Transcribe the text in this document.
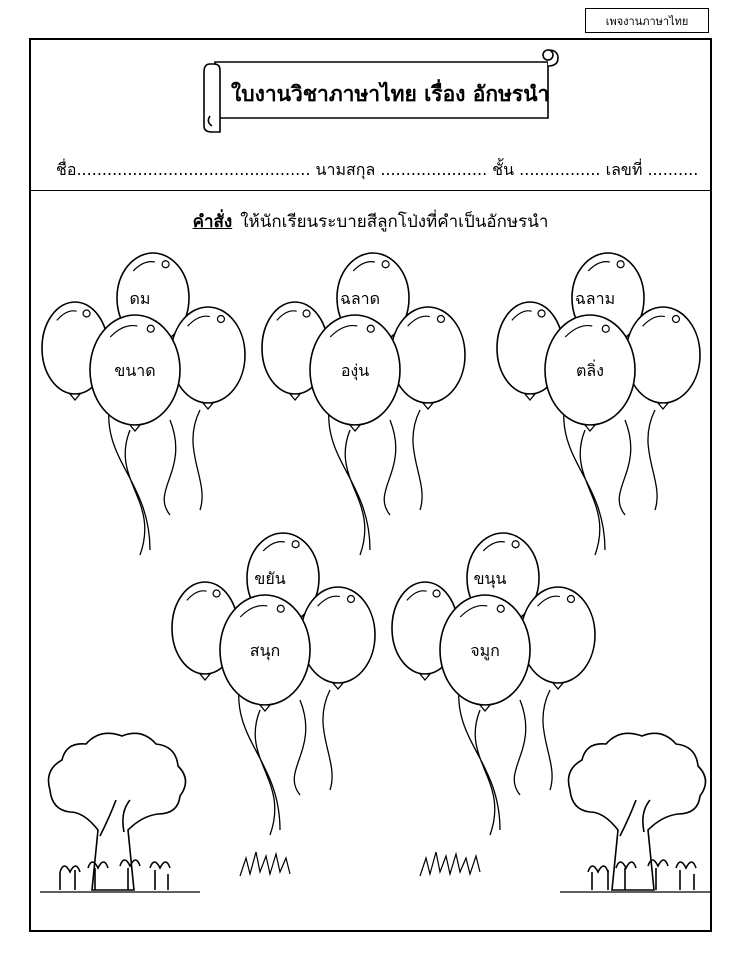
เพจงานภาษาไทย
ดม
ขนาด
ฉลาด
องุ่น
ฉลาม
ตลิ่ง
ขยัน
สนุก
ขนุน
จมูก
ใบงานวิชาภาษาไทย เรื่อง อักษรนำ
ชื่อ.............................................. นามสกุล ..................... ชั้น ................ เลขที่ ..........
คำสั่ง ให้นักเรียนระบายสีลูกโป่งที่คำเป็นอักษรนำ
